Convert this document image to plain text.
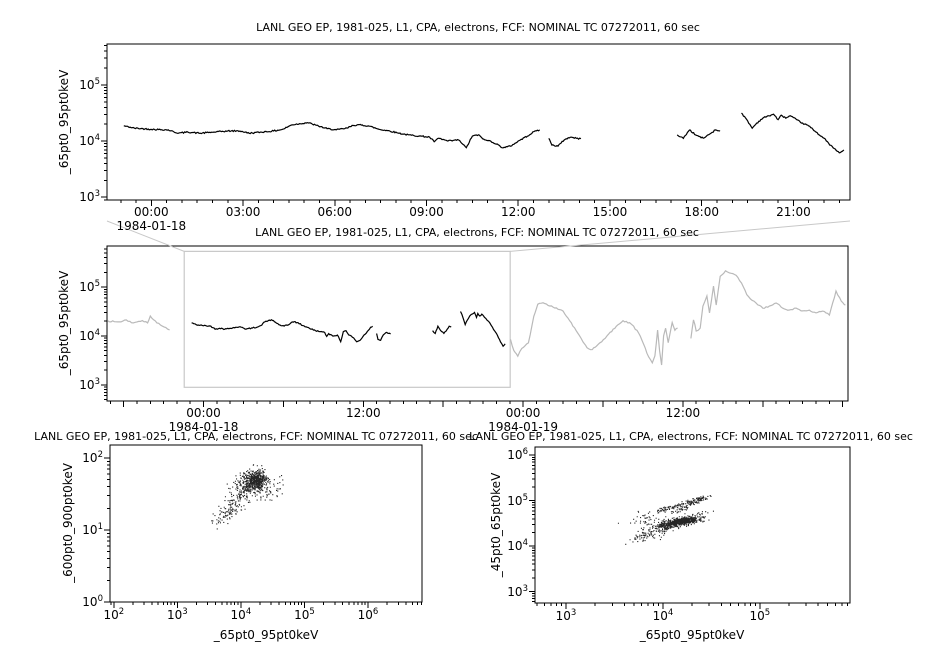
LANL GEO EP, 1981-025, L1, CPA, electrons, FCF: NOMINAL TC 07272011, 60 sec
LANL GEO EP, 1981-025, L1, CPA, electrons, FCF: NOMINAL TC 07272011, 60 sec
LANL GEO EP, 1981-025, L1, CPA, electrons, FCF: NOMINAL TC 07272011, 60 sec
LANL GEO EP, 1981-025, L1, CPA, electrons, FCF: NOMINAL TC 07272011, 60 sec
_65pt0_95pt0keV
_65pt0_95pt0keV
_600pt0_900pt0keV	_45pt0_65pt0keV
_65pt0_95pt0keV	_65pt0_95pt0keV
$10^3$
$10^4$
$10^5$
00:00	03:00	06:00	09:00	12:00	15:00	18:00	21:00
1984-01-18
$10^3$
$10^4$
$10^5$
00:00	12:00	00:00	12:00
1984-01-18	1984-01-19
$10^0$
$10^1$
$10^2$
$10^2$	$10^3$	$10^4$	$10^5$	$10^6$
$10^3$
$10^4$
$10^5$
$10^6$
$10^3$	$10^4$	$10^5$
